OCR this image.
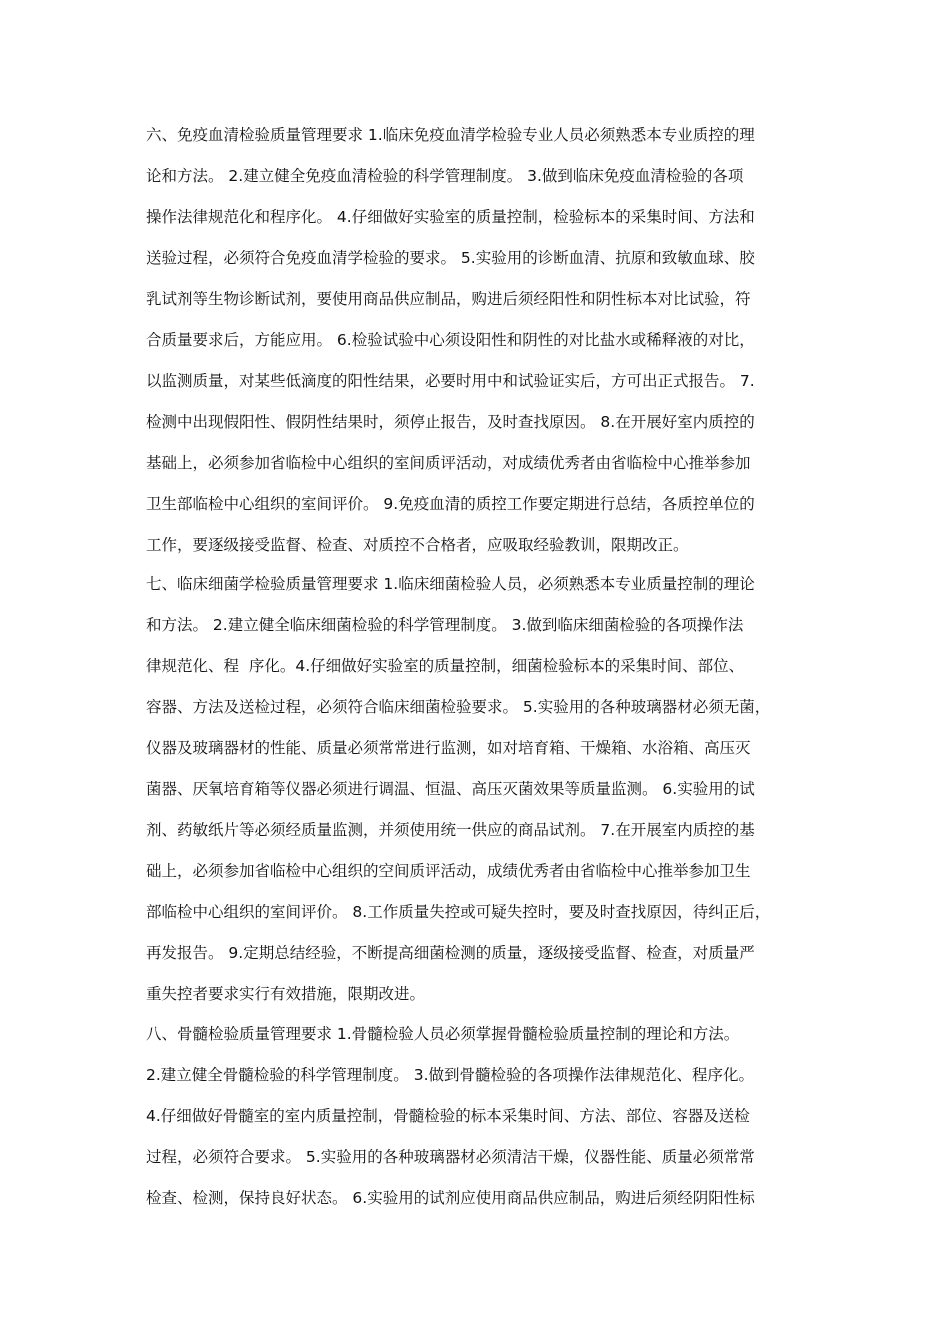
六、免疫血清检验质量管理要求 1.临床免疫血清学检验专业人员必须熟悉本专业质控的理
论和方法。 2.建立健全免疫血清检验的科学管理制度。 3.做到临床免疫血清检验的各项
操作法律规范化和程序化。 4.仔细做好实验室的质量控制，检验标本的采集时间、方法和
送验过程，必须符合免疫血清学检验的要求。 5.实验用的诊断血清、抗原和致敏血球、胶
乳试剂等生物诊断试剂，要使用商品供应制品，购进后须经阳性和阴性标本对比试验，符
合质量要求后，方能应用。 6.检验试验中心须设阳性和阴性的对比盐水或稀释液的对比，
以监测质量，对某些低滴度的阳性结果，必要时用中和试验证实后，方可出正式报告。 7.
检测中出现假阳性、假阴性结果时，须停止报告，及时查找原因。 8.在开展好室内质控的
基础上，必须参加省临检中心组织的室间质评活动，对成绩优秀者由省临检中心推举参加
卫生部临检中心组织的室间评价。 9.免疫血清的质控工作要定期进行总结，各质控单位的
工作，要逐级接受监督、检查、对质控不合格者，应吸取经验教训，限期改正。
七、临床细菌学检验质量管理要求 1.临床细菌检验人员，必须熟悉本专业质量控制的理论
和方法。 2.建立健全临床细菌检验的科学管理制度。 3.做到临床细菌检验的各项操作法
律规范化、程  序化。4.仔细做好实验室的质量控制，细菌检验标本的采集时间、部位、
容器、方法及送检过程，必须符合临床细菌检验要求。 5.实验用的各种玻璃器材必须无菌，
仪器及玻璃器材的性能、质量必须常常进行监测，如对培育箱、干燥箱、水浴箱、高压灭
菌器、厌氧培育箱等仪器必须进行调温、恒温、高压灭菌效果等质量监测。 6.实验用的试
剂、药敏纸片等必须经质量监测，并须使用统一供应的商品试剂。 7.在开展室内质控的基
础上，必须参加省临检中心组织的空间质评活动，成绩优秀者由省临检中心推举参加卫生
部临检中心组织的室间评价。 8.工作质量失控或可疑失控时，要及时查找原因，待纠正后，
再发报告。 9.定期总结经验，不断提高细菌检测的质量，逐级接受监督、检查，对质量严
重失控者要求实行有效措施，限期改进。
八、骨髓检验质量管理要求 1.骨髓检验人员必须掌握骨髓检验质量控制的理论和方法。
2.建立健全骨髓检验的科学管理制度。 3.做到骨髓检验的各项操作法律规范化、程序化。
4.仔细做好骨髓室的室内质量控制，骨髓检验的标本采集时间、方法、部位、容器及送检
过程，必须符合要求。 5.实验用的各种玻璃器材必须清洁干燥，仪器性能、质量必须常常
检查、检测，保持良好状态。 6.实验用的试剂应使用商品供应制品，购进后须经阴阳性标
